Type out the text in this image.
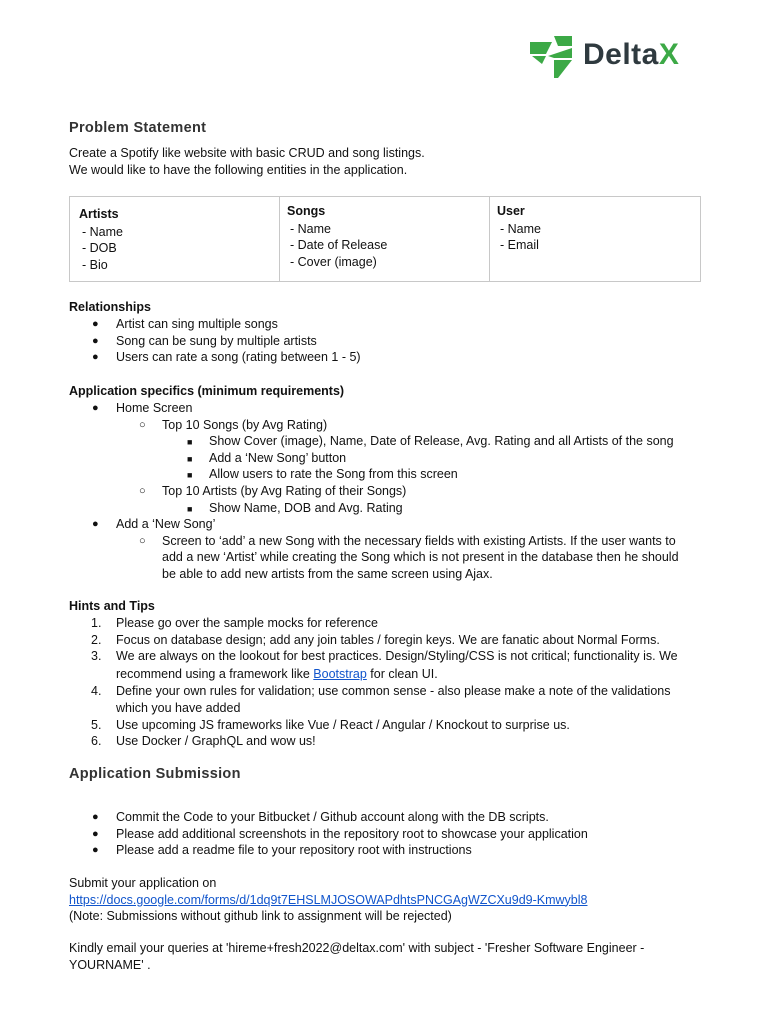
DeltaX
Problem Statement
Create a Spotify like website with basic CRUD and song listings.
We would like to have the following entities in the application.
Artists
- Name
- DOB
- Bio
Songs
- Name
- Date of Release
- Cover (image)
User
- Name
- Email
Relationships
● Artist can sing multiple songs
● Song can be sung by multiple artists
● Users can rate a song (rating between 1 - 5)
Application specifics (minimum requirements)
● Home Screen
○ Top 10 Songs (by Avg Rating)
■ Show Cover (image), Name, Date of Release, Avg. Rating and all Artists of the song
■ Add a ‘New Song’ button
■ Allow users to rate the Song from this screen
○ Top 10 Artists (by Avg Rating of their Songs)
■ Show Name, DOB and Avg. Rating
● Add a ‘New Song’
○ Screen to ‘add’ a new Song with the necessary fields with existing Artists. If the user wants to
add a new ‘Artist’ while creating the Song which is not present in the database then he should
be able to add new artists from the same screen using Ajax.
Hints and Tips
1. Please go over the sample mocks for reference
2. Focus on database design; add any join tables / foregin keys. We are fanatic about Normal Forms.
3. We are always on the lookout for best practices. Design/Styling/CSS is not critical; functionality is. We
recommend using a framework like Bootstrap for clean UI.
4. Define your own rules for validation; use common sense - also please make a note of the validations
which you have added
5. Use upcoming JS frameworks like Vue / React / Angular / Knockout to surprise us.
6. Use Docker / GraphQL and wow us!
Application Submission
● Commit the Code to your Bitbucket / Github account along with the DB scripts.
● Please add additional screenshots in the repository root to showcase your application
● Please add a readme file to your repository root with instructions
Submit your application on
https://docs.google.com/forms/d/1dq9t7EHSLMJOSOWAPdhtsPNCGAgWZCXu9d9-Kmwybl8
(Note: Submissions without github link to assignment will be rejected)
Kindly email your queries at 'hireme+fresh2022@deltax.com' with subject - 'Fresher Software Engineer -
YOURNAME' .
